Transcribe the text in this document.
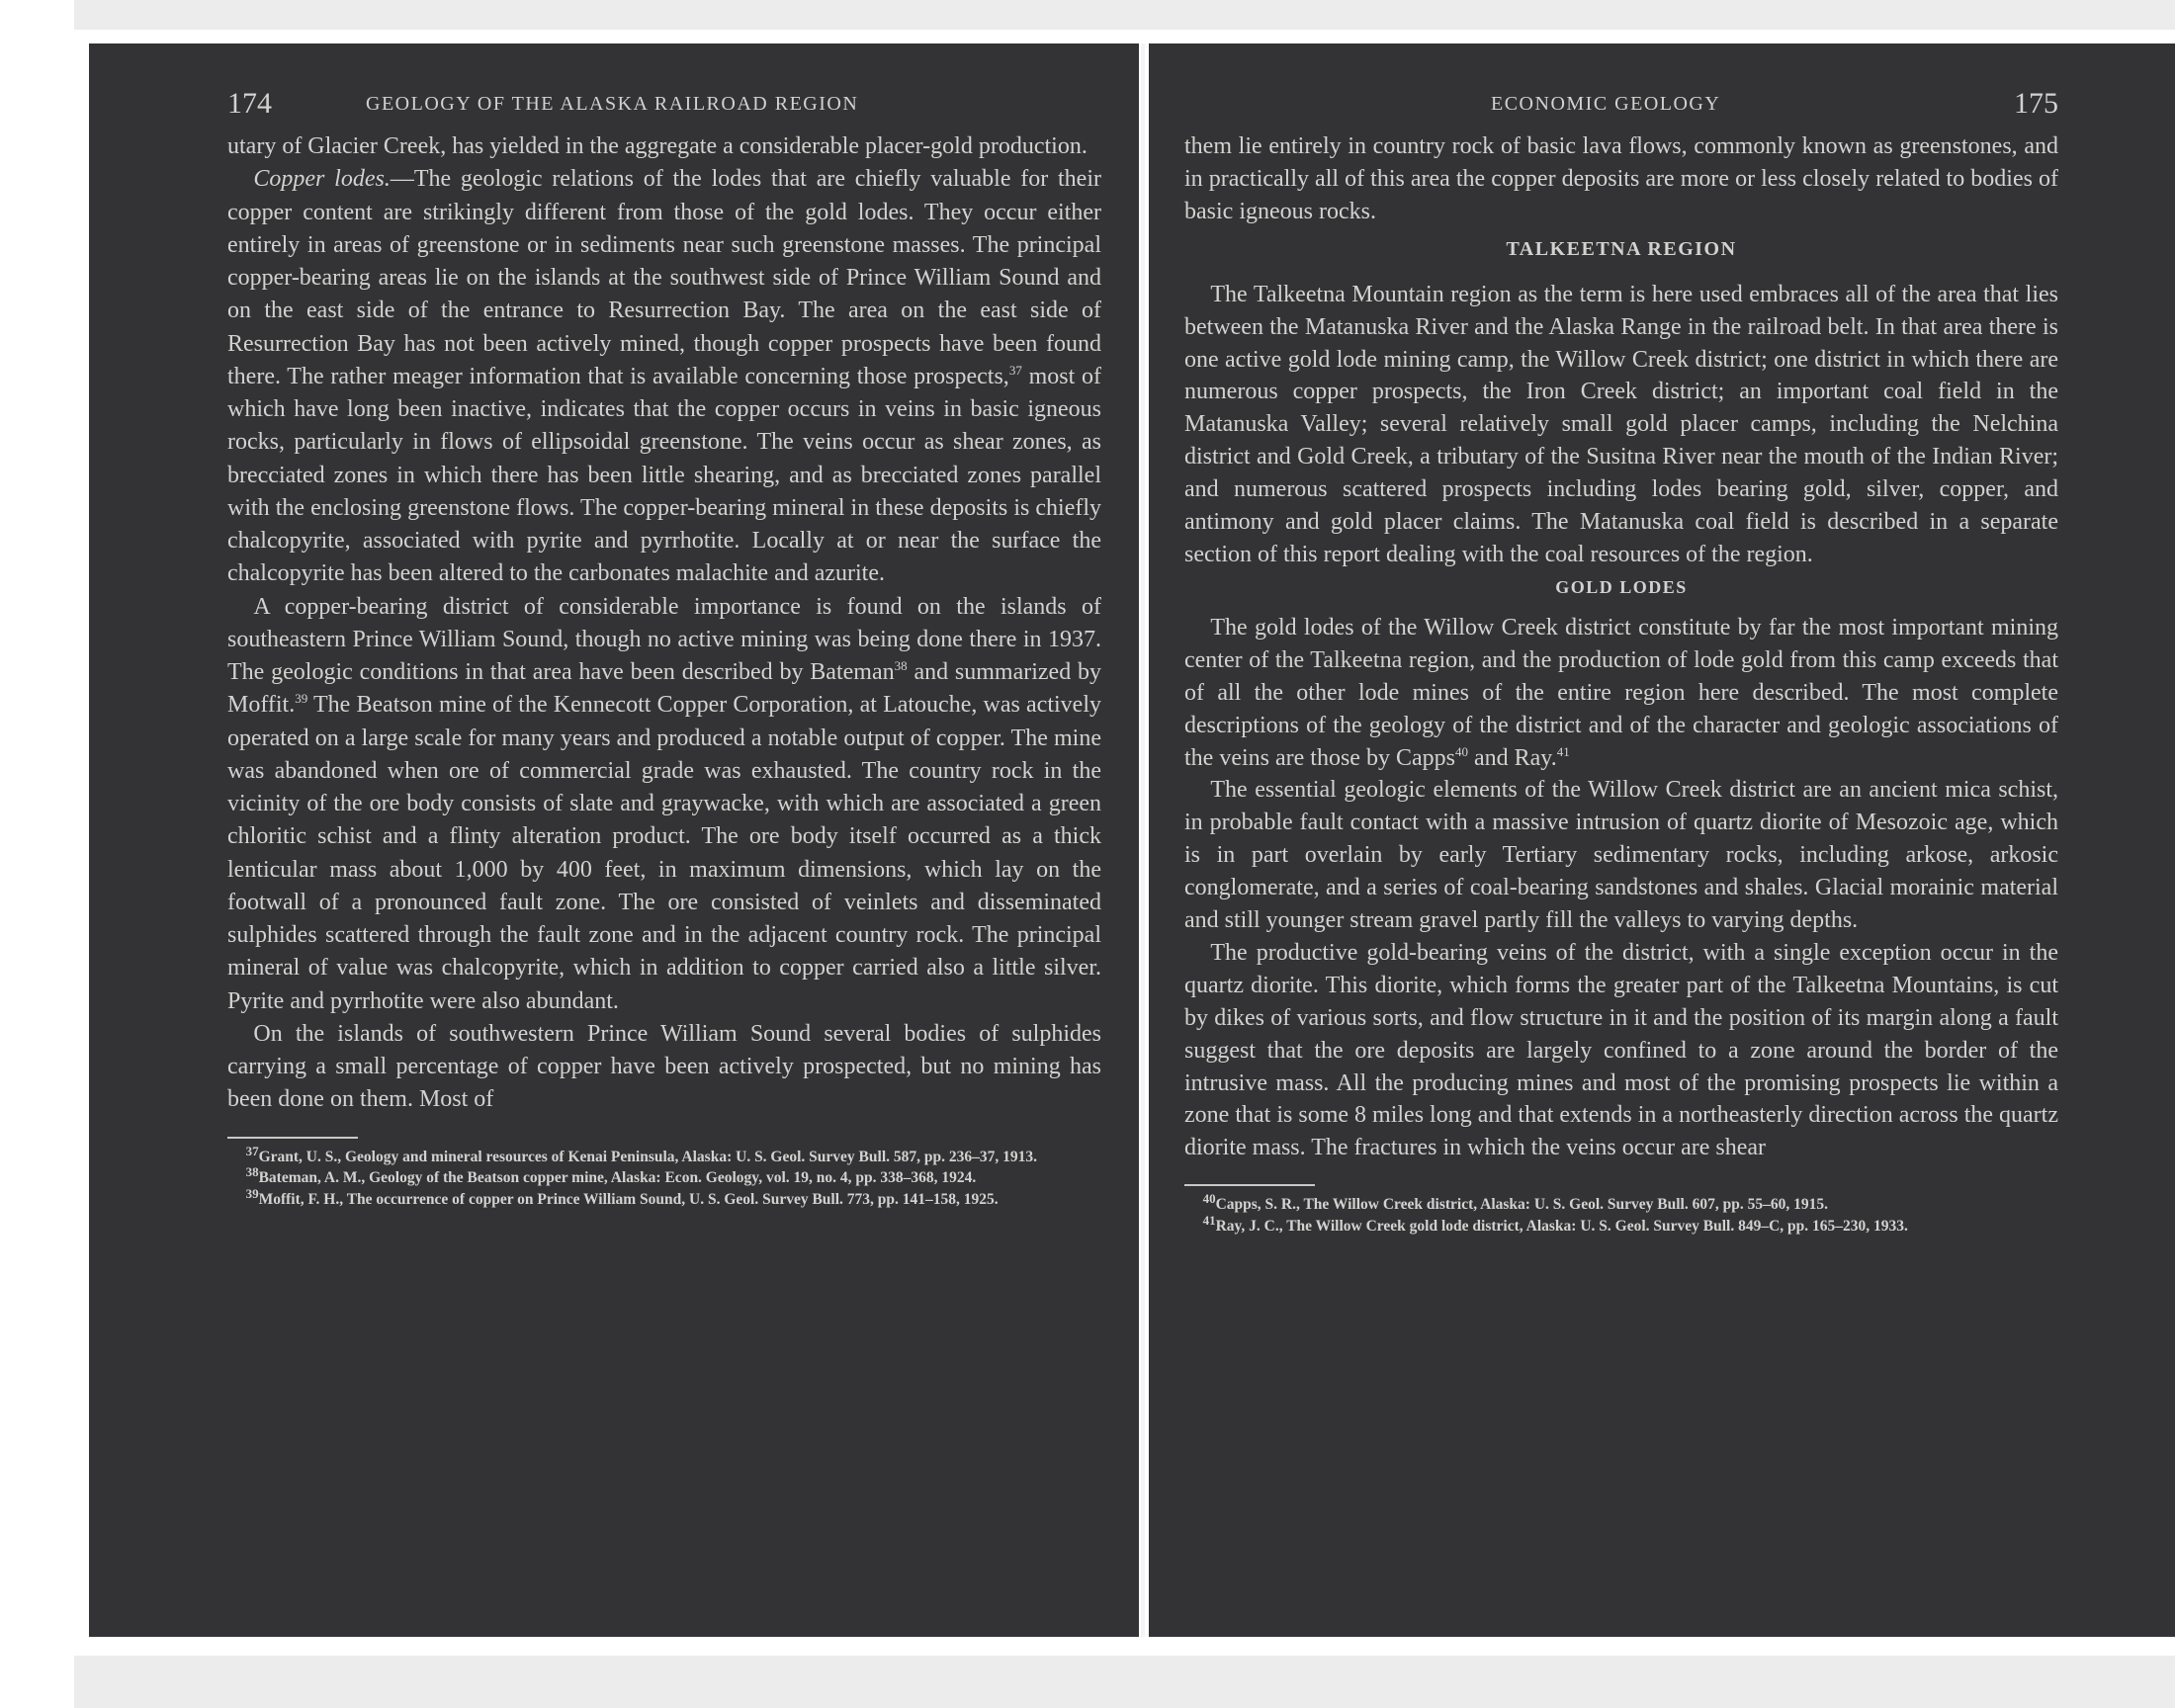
174	GEOLOGY OF THE ALASKA RAILROAD REGION

utary of Glacier Creek, has yielded in the aggregate a considerable placer-gold production.

Copper lodes.—The geologic relations of the lodes that are chiefly valuable for their copper content are strikingly different from those of the gold lodes. They occur either entirely in areas of greenstone or in sediments near such greenstone masses. The principal copper-bearing areas lie on the islands at the southwest side of Prince William Sound and on the east side of the entrance to Resurrection Bay. The area on the east side of Resurrection Bay has not been actively mined, though copper prospects have been found there. The rather meager information that is available concerning those prospects,$^{37}$ most of which have long been inactive, indicates that the copper occurs in veins in basic igneous rocks, particularly in flows of ellipsoidal greenstone. The veins occur as shear zones, as brecciated zones in which there has been little shearing, and as brecciated zones parallel with the enclosing greenstone flows. The copper-bearing mineral in these deposits is chiefly chalcopyrite, associated with pyrite and pyrrhotite. Locally at or near the surface the chalcopyrite has been altered to the carbonates malachite and azurite.

A copper-bearing district of considerable importance is found on the islands of southeastern Prince William Sound, though no active mining was being done there in 1937. The geologic conditions in that area have been described by Bateman$^{38}$ and summarized by Moffit.$^{39}$ The Beatson mine of the Kennecott Copper Corporation, at Latouche, was actively operated on a large scale for many years and produced a notable output of copper. The mine was abandoned when ore of commercial grade was exhausted. The country rock in the vicinity of the ore body consists of slate and graywacke, with which are associated a green chloritic schist and a flinty alteration product. The ore body itself occurred as a thick lenticular mass about 1,000 by 400 feet, in maximum dimensions, which lay on the footwall of a pronounced fault zone. The ore consisted of veinlets and disseminated sulphides scattered through the fault zone and in the adjacent country rock. The principal mineral of value was chalcopyrite, which in addition to copper carried also a little silver. Pyrite and pyrrhotite were also abundant.

On the islands of southwestern Prince William Sound several bodies of sulphides carrying a small percentage of copper have been actively prospected, but no mining has been done on them. Most of

$^{37}$Grant, U. S., Geology and mineral resources of Kenai Peninsula, Alaska: U. S. Geol. Survey Bull. 587, pp. 236–37, 1913.

$^{38}$Bateman, A. M., Geology of the Beatson copper mine, Alaska: Econ. Geology, vol. 19, no. 4, pp. 338–368, 1924.

$^{39}$Moffit, F. H., The occurrence of copper on Prince William Sound, U. S. Geol. Survey Bull. 773, pp. 141–158, 1925.

ECONOMIC GEOLOGY	175

them lie entirely in country rock of basic lava flows, commonly known as greenstones, and in practically all of this area the copper deposits are more or less closely related to bodies of basic igneous rocks.

TALKEETNA REGION

The Talkeetna Mountain region as the term is here used embraces all of the area that lies between the Matanuska River and the Alaska Range in the railroad belt. In that area there is one active gold lode mining camp, the Willow Creek district; one district in which there are numerous copper prospects, the Iron Creek district; an important coal field in the Matanuska Valley; several relatively small gold placer camps, including the Nelchina district and Gold Creek, a tributary of the Susitna River near the mouth of the Indian River; and numerous scattered prospects including lodes bearing gold, silver, copper, and antimony and gold placer claims. The Matanuska coal field is described in a separate section of this report dealing with the coal resources of the region.

GOLD LODES

The gold lodes of the Willow Creek district constitute by far the most important mining center of the Talkeetna region, and the production of lode gold from this camp exceeds that of all the other lode mines of the entire region here described. The most complete descriptions of the geology of the district and of the character and geologic associations of the veins are those by Capps$^{40}$ and Ray.$^{41}$

The essential geologic elements of the Willow Creek district are an ancient mica schist, in probable fault contact with a massive intrusion of quartz diorite of Mesozoic age, which is in part overlain by early Tertiary sedimentary rocks, including arkose, arkosic conglomerate, and a series of coal-bearing sandstones and shales. Glacial morainic material and still younger stream gravel partly fill the valleys to varying depths.

The productive gold-bearing veins of the district, with a single exception occur in the quartz diorite. This diorite, which forms the greater part of the Talkeetna Mountains, is cut by dikes of various sorts, and flow structure in it and the position of its margin along a fault suggest that the ore deposits are largely confined to a zone around the border of the intrusive mass. All the producing mines and most of the promising prospects lie within a zone that is some 8 miles long and that extends in a northeasterly direction across the quartz diorite mass. The fractures in which the veins occur are shear

$^{40}$Capps, S. R., The Willow Creek district, Alaska: U. S. Geol. Survey Bull. 607, pp. 55–60, 1915.

$^{41}$Ray, J. C., The Willow Creek gold lode district, Alaska: U. S. Geol. Survey Bull. 849–C, pp. 165–230, 1933.
